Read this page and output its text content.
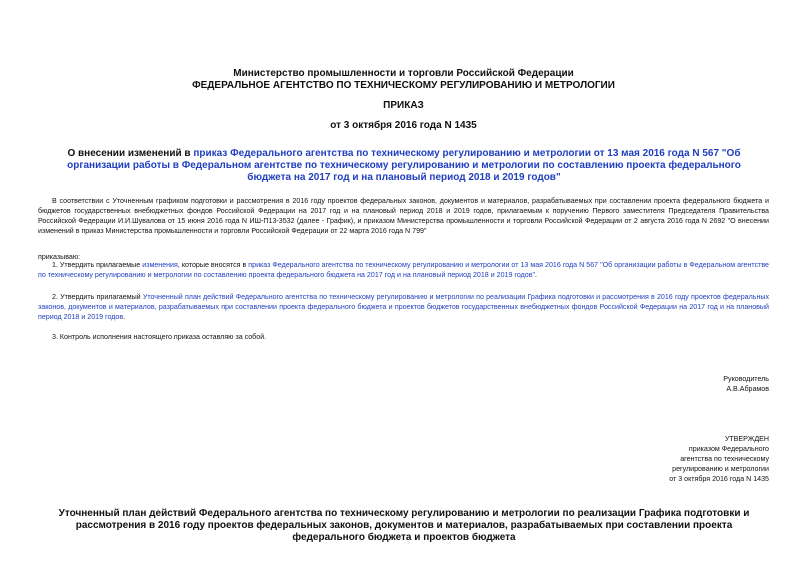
Министерство промышленности и торговли Российской Федерации
ФЕДЕРАЛЬНОЕ АГЕНТСТВО ПО ТЕХНИЧЕСКОМУ РЕГУЛИРОВАНИЮ И МЕТРОЛОГИИ
ПРИКАЗ
от 3 октября 2016 года N 1435
О внесении изменений в приказ Федерального агентства по техническому регулированию и метрологии от 13 мая 2016 года N 567 "Об организации работы в Федеральном агентстве по техническому регулированию и метрологии по составлению проекта федерального бюджета на 2017 год и на плановый период 2018 и 2019 годов"
В соответствии с Уточненным графиком подготовки и рассмотрения в 2016 году проектов федеральных законов, документов и материалов, разрабатываемых при составлении проекта федерального бюджета и бюджетов государственных внебюджетных фондов Российской Федерации на 2017 год и на плановый период 2018 и 2019 годов, прилагаемым к поручению Первого заместителя Председателя Правительства Российской Федерации И.И.Шувалова от 15 июня 2016 года N ИШ-П13-3532 (далее - График), и приказом Министерства промышленности и торговли Российской Федерации от 2 августа 2016 года N 2692 "О внесении изменений в приказ Министерства промышленности и торговли Российской Федерации от 22 марта 2016 года N 799"
приказываю:
1. Утвердить прилагаемые изменения, которые вносятся в приказ Федерального агентства по техническому регулированию и метрологии от 13 мая 2016 года N 567 "Об организации работы в Федеральном агентстве по техническому регулированию и метрологии по составлению проекта федерального бюджета на 2017 год и на плановый период 2018 и 2019 годов".
2. Утвердить прилагаемый Уточненный план действий Федерального агентства по техническому регулированию и метрологии по реализации Графика подготовки и рассмотрения в 2016 году проектов федеральных законов, документов и материалов, разрабатываемых при составлении проекта федерального бюджета и проектов бюджетов государственных внебюджетных фондов Российской Федерации на 2017 год и на плановый период 2018 и 2019 годов.
3. Контроль исполнения настоящего приказа оставляю за собой.
Руководитель
А.В.Абрамов
УТВЕРЖДЕН
приказом Федерального
агентства по техническому
регулированию и метрологии
от 3 октября 2016 года N 1435
Уточненный план действий Федерального агентства по техническому регулированию и метрологии по реализации Графика подготовки и рассмотрения в 2016 году проектов федеральных законов, документов и материалов, разрабатываемых при составлении проекта федерального бюджета и проектов бюджета
